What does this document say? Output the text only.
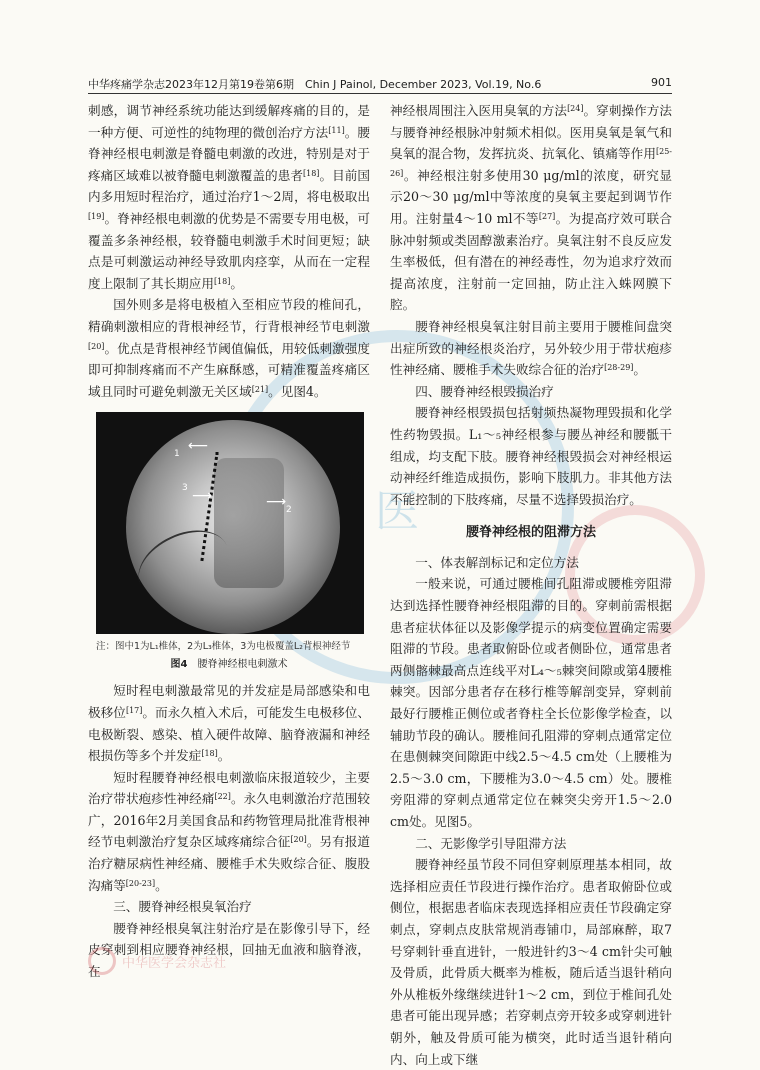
中华疼痛学杂志2023年12月第19卷第6期　Chin J Painol, December 2023, Vol.19, No.6	901
医

刺感，调节神经系统功能达到缓解疼痛的目的，是一种方便、可逆性的纯物理的微创治疗方法[11]。腰脊神经根电刺激是脊髓电刺激的改进，特别是对于疼痛区域难以被脊髓电刺激覆盖的患者[18]。目前国内多用短时程治疗，通过治疗1～2周，将电极取出[19]。脊神经根电刺激的优势是不需要专用电极，可覆盖多条神经根，较脊髓电刺激手术时间更短；缺点是可刺激运动神经导致肌肉痉挛，从而在一定程度上限制了其长期应用[18]。

国外则多是将电极植入至相应节段的椎间孔，精确刺激相应的背根神经节，行背根神经节电刺激[20]。优点是背根神经节阈值偏低，用较低刺激强度即可抑制疼痛而不产生麻酥感，可精准覆盖疼痛区域且同时可避免刺激无关区域[21]。见图4。

1 ⟵
2
⟶
3 ⟶
注：图中1为L₁椎体，2为L₃椎体，3为电极覆盖L₂背根神经节
图4　 腰脊神经根电刺激术

短时程电刺激最常见的并发症是局部感染和电极移位[17]。而永久植入术后，可能发生电极移位、电极断裂、感染、植入硬件故障、脑脊液漏和神经根损伤等多个并发症[18]。

短时程腰脊神经根电刺激临床报道较少，主要治疗带状疱疹性神经痛[22]。永久电刺激治疗范围较广，2016年2月美国食品和药物管理局批准背根神经节电刺激治疗复杂区域疼痛综合征[20]。另有报道治疗糖尿病性神经痛、腰椎手术失败综合征、腹股沟痛等[20-23]。

三、腰脊神经根臭氧治疗

腰脊神经根臭氧注射治疗是在影像引导下，经皮穿刺到相应腰脊神经根，回抽无血液和脑脊液，在

神经根周围注入医用臭氧的方法[24]。穿刺操作方法与腰脊神经根脉冲射频术相似。医用臭氧是氧气和臭氧的混合物，发挥抗炎、抗氧化、镇痛等作用[25-26]。神经根注射多使用30 μg/ml的浓度，研究显示20～30 μg/ml中等浓度的臭氧主要起到调节作用。注射量4～10 ml不等[27]。为提高疗效可联合脉冲射频或类固醇激素治疗。臭氧注射不良反应发生率极低，但有潜在的神经毒性，勿为追求疗效而提高浓度，注射前一定回抽，防止注入蛛网膜下腔。

腰脊神经根臭氧注射目前主要用于腰椎间盘突出症所致的神经根炎治疗，另外较少用于带状疱疹性神经痛、腰椎手术失败综合征的治疗[28-29]。

四、腰脊神经根毁损治疗

腰脊神经根毁损包括射频热凝物理毁损和化学性药物毁损。L₁～₅神经根参与腰丛神经和腰骶干组成，均支配下肢。腰脊神经根毁损会对神经根运动神经纤维造成损伤，影响下肢肌力。非其他方法不能控制的下肢疼痛，尽量不选择毁损治疗。

腰脊神经根的阻滞方法

一、体表解剖标记和定位方法

一般来说，可通过腰椎间孔阻滞或腰椎旁阻滞达到选择性腰脊神经根阻滞的目的。穿刺前需根据患者症状体征以及影像学提示的病变位置确定需要阻滞的节段。患者取俯卧位或者侧卧位，通常患者两侧髂棘最高点连线平对L₄～₅棘突间隙或第4腰椎棘突。因部分患者存在移行椎等解剖变异，穿刺前最好行腰椎正侧位或者脊柱全长位影像学检查，以辅助节段的确认。腰椎间孔阻滞的穿刺点通常定位在患侧棘突间隙距中线2.5～4.5 cm处（上腰椎为2.5～3.0 cm，下腰椎为3.0～4.5 cm）处。腰椎旁阻滞的穿刺点通常定位在棘突尖旁开1.5～2.0 cm处。见图5。

二、无影像学引导阻滞方法

腰脊神经虽节段不同但穿刺原理基本相同，故选择相应责任节段进行操作治疗。患者取俯卧位或侧位，根据患者临床表现选择相应责任节段确定穿刺点，穿刺点皮肤常规消毒铺巾，局部麻醉，取7号穿刺针垂直进针，一般进针约3～4 cm针尖可触及骨质，此骨质大概率为椎板，随后适当退针稍向外从椎板外缘继续进针1～2 cm，到位于椎间孔处患者可能出现异感；若穿刺点旁开较多或穿刺进针朝外，触及骨质可能为横突，此时适当退针稍向内、向上或下继

中华医学会杂志社
